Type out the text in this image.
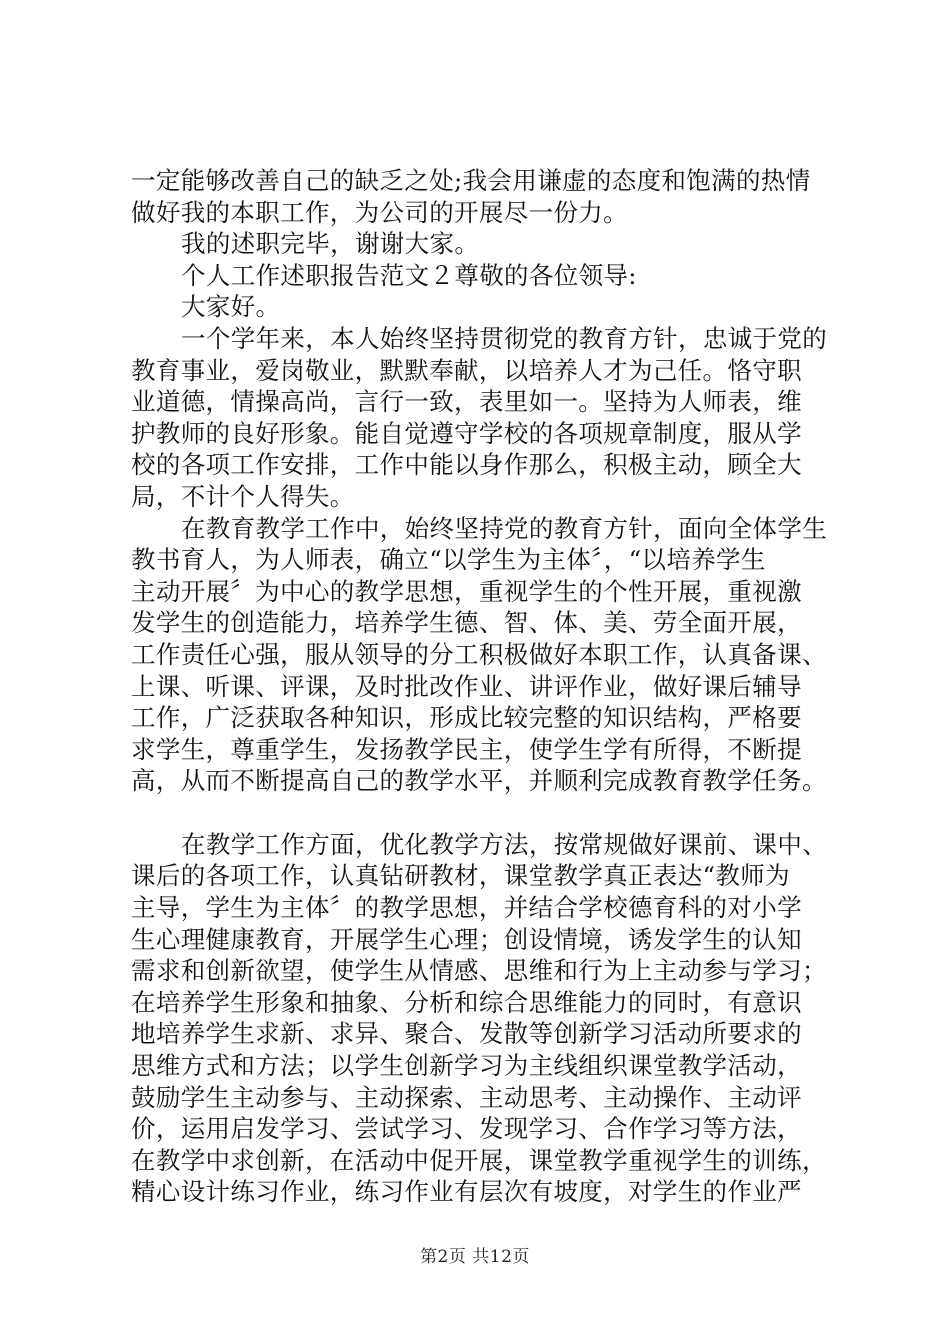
一定能够改善自己的缺乏之处;我会用谦虚的态度和饱满的热情
做好我的本职工作，为公司的开展尽一份力。
我的述职完毕，谢谢大家。
个人工作述职报告范文２尊敬的各位领导:
大家好。
一个学年来，本人始终坚持贯彻党的教育方针，忠诚于党的
教育事业，爱岗敬业，默默奉献，以培养人才为己任。恪守职
业道德，情操高尚，言行一致，表里如一。坚持为人师表，维
护教师的良好形象。能自觉遵守学校的各项规章制度，服从学
校的各项工作安排，工作中能以身作那么，积极主动，顾全大
局，不计个人得失。
在教育教学工作中，始终坚持党的教育方针，面向全体学生
教书育人，为人师表，确立“以学生为主体〞，“以培养学生
主动开展〞为中心的教学思想，重视学生的个性开展，重视激
发学生的创造能力，培养学生德、智、体、美、劳全面开展，
工作责任心强，服从领导的分工积极做好本职工作，认真备课、
上课、听课、评课，及时批改作业、讲评作业，做好课后辅导
工作，广泛获取各种知识，形成比较完整的知识结构，严格要
求学生，尊重学生，发扬教学民主，使学生学有所得，不断提
高，从而不断提高自己的教学水平，并顺利完成教育教学任务。
在教学工作方面，优化教学方法，按常规做好课前、课中、
课后的各项工作，认真钻研教材，课堂教学真正表达“教师为
主导，学生为主体〞的教学思想，并结合学校德育科的对小学
生心理健康教育，开展学生心理；创设情境，诱发学生的认知
需求和创新欲望，使学生从情感、思维和行为上主动参与学习；
在培养学生形象和抽象、分析和综合思维能力的同时，有意识
地培养学生求新、求异、聚合、发散等创新学习活动所要求的
思维方式和方法；以学生创新学习为主线组织课堂教学活动，
鼓励学生主动参与、主动探索、主动思考、主动操作、主动评
价，运用启发学习、尝试学习、发现学习、合作学习等方法，
在教学中求创新，在活动中促开展，课堂教学重视学生的训练，
精心设计练习作业，练习作业有层次有坡度，对学生的作业严
第2页 共12页
